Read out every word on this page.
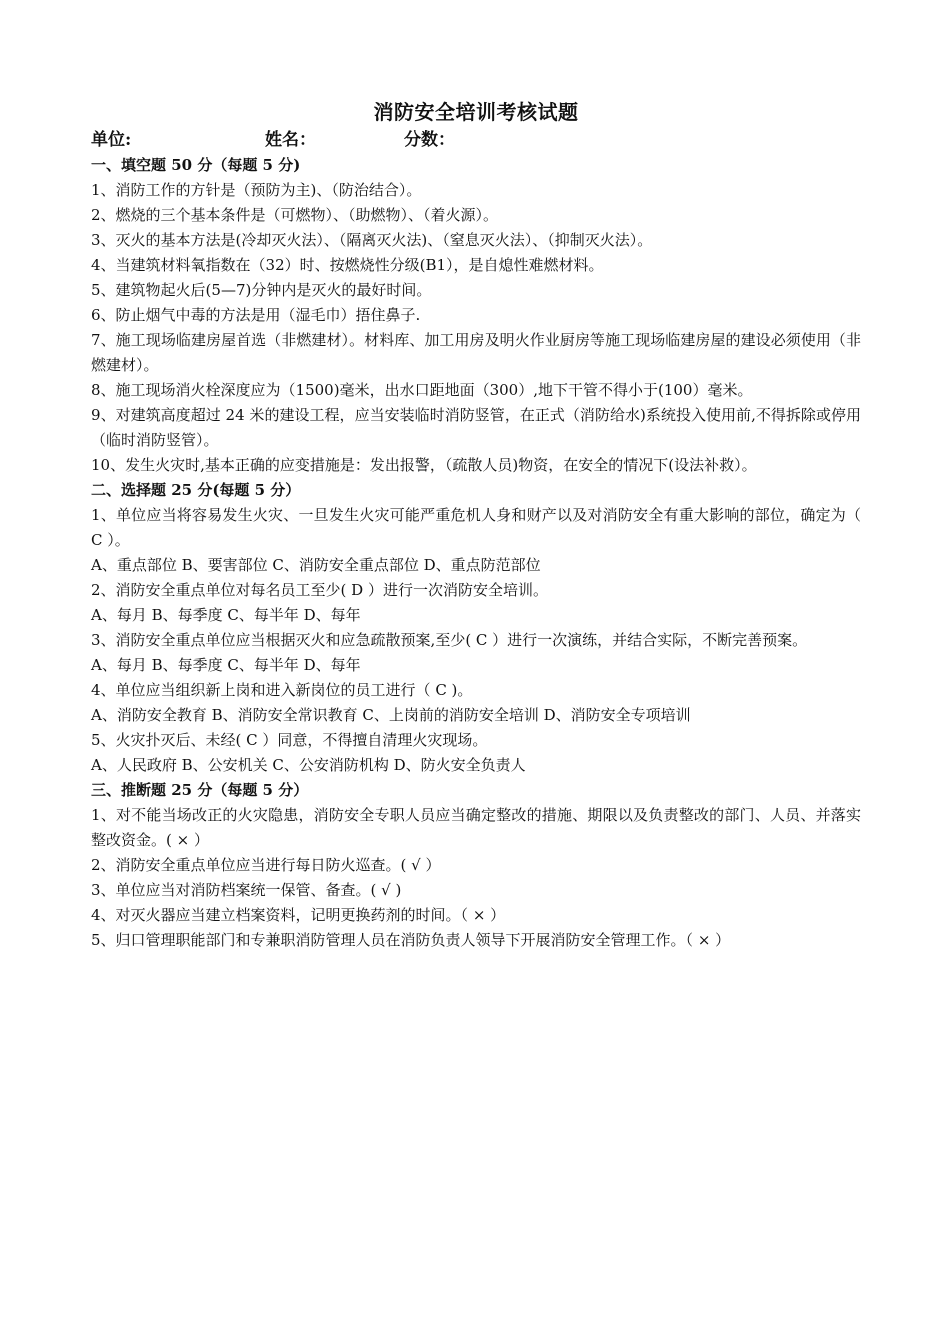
消防安全培训考核试题
单位:	姓名：	分数：
一、填空题 50 分（每题 5 分)
1、消防工作的方针是（预防为主)、（防治结合）。
2、燃烧的三个基本条件是（可燃物）、（助燃物）、（着火源）。
3、灭火的基本方法是(冷却灭火法）、（隔离灭火法)、（窒息灭火法）、（抑制灭火法）。
4、当建筑材料氧指数在（32）时、按燃烧性分级(B1），是自熄性难燃材料。
5、建筑物起火后(5—7)分钟内是灭火的最好时间。
6、防止烟气中毒的方法是用（湿毛巾）捂住鼻子.
7、施工现场临建房屋首选（非燃建材）。材料库、加工用房及明火作业厨房等施工现场临建房屋的建设必须使用（非燃建材）。
8、施工现场消火栓深度应为（1500)毫米，出水口距地面（300）,地下干管不得小于(100）毫米。
9、对建筑高度超过 24 米的建设工程，应当安装临时消防竖管，在正式（消防给水)系统投入使用前,不得拆除或停用（临时消防竖管）。
10、发生火灾时,基本正确的应变措施是：发出报警，（疏散人员)物资，在安全的情况下(设法补救）。
二、选择题 25 分(每题 5 分）
1、单位应当将容易发生火灾、一旦发生火灾可能严重危机人身和财产以及对消防安全有重大影响的部位，确定为（ C ）。
A、重点部位 B、要害部位 C、消防安全重点部位 D、重点防范部位
2、消防安全重点单位对每名员工至少( D ）进行一次消防安全培训。
A、每月 B、每季度 C、每半年 D、每年
3、消防安全重点单位应当根据灭火和应急疏散预案,至少( C ）进行一次演练，并结合实际，不断完善预案。
A、每月 B、每季度 C、每半年 D、每年
4、单位应当组织新上岗和进入新岗位的员工进行（ C )。
A、消防安全教育 B、消防安全常识教育 C、上岗前的消防安全培训 D、消防安全专项培训
5、火灾扑灭后、未经( C ）同意，不得擅自清理火灾现场。
A、人民政府 B、公安机关 C、公安消防机构 D、防火安全负责人
三、推断题 25 分（每题 5 分）
1、对不能当场改正的火灾隐患，消防安全专职人员应当确定整改的措施、期限以及负责整改的部门、人员、并落实整改资金。( × ）
2、消防安全重点单位应当进行每日防火巡查。( √ ）
3、单位应当对消防档案统一保管、备查。( √ )
4、对灭火器应当建立档案资料，记明更换药剂的时间。（ × ）
5、归口管理职能部门和专兼职消防管理人员在消防负责人领导下开展消防安全管理工作。（ × ）
